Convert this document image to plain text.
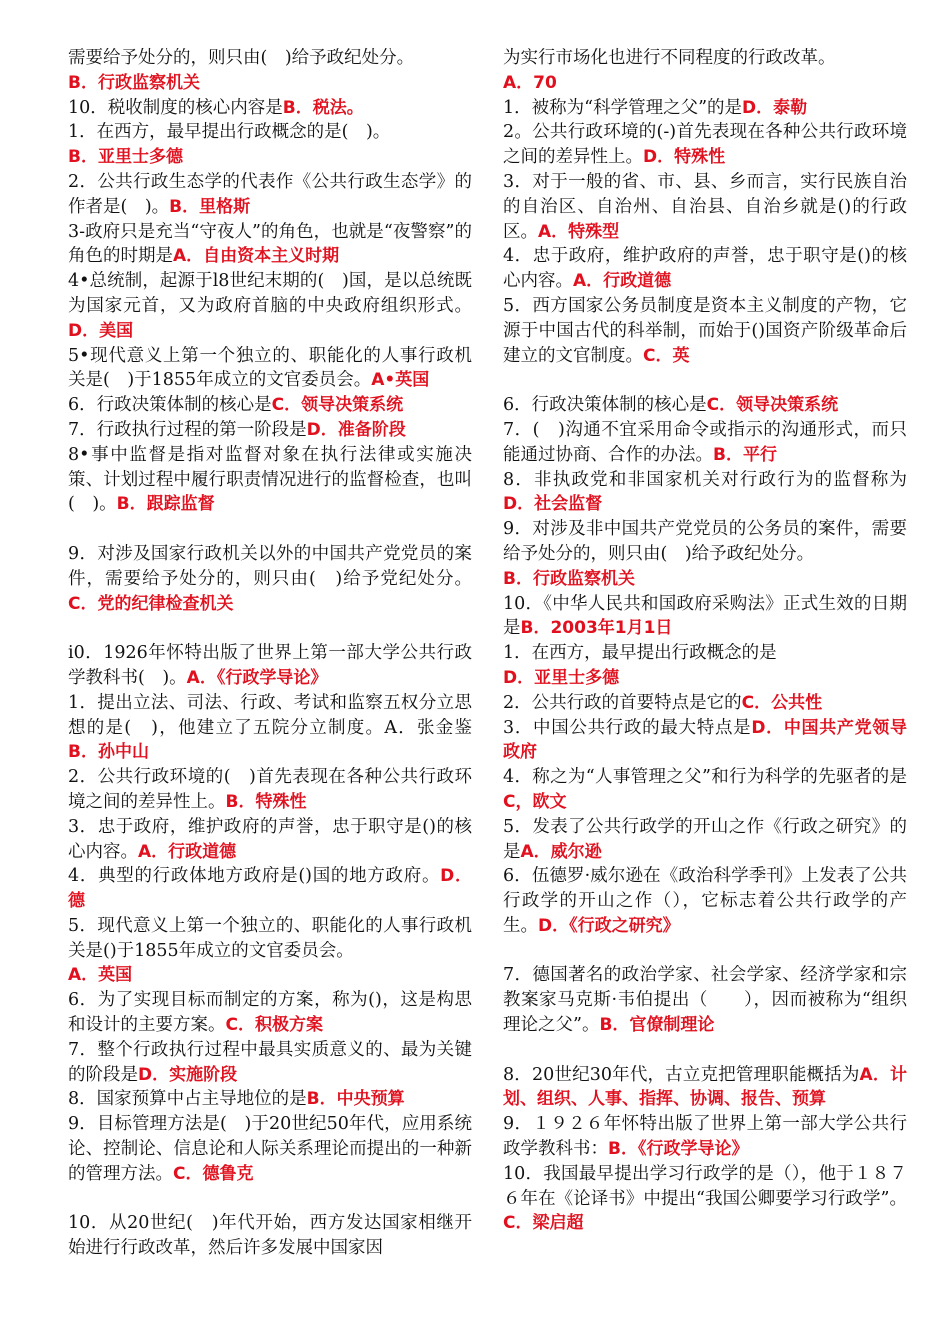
需要给予处分的，则只由(　)给予政纪处分。

B．行政监察机关

10．税收制度的核心内容是B．税法。

1．在西方，最早提出行政概念的是(　)。

B．亚里士多德

2．公共行政生态学的代表作《公共行政生态学》的作者是(　)。B．里格斯

3-政府只是充当“守夜人”的角色，也就是“夜警察”的角色的时期是A．自由资本主义时期

4•总统制，起源于l8世纪末期的(　)国，是以总统既为国家元首，又为政府首脑的中央政府组织形式。D．美国

5•现代意义上第一个独立的、职能化的人事行政机关是(　)于1855年成立的文官委员会。A•英国

6．行政决策体制的核心是C．领导决策系统

7．行政执行过程的第一阶段是D．准备阶段

8•事中监督是指对监督对象在执行法律或实施决策、计划过程中履行职责情况进行的监督检查，也叫(　)。B．跟踪监督

9．对涉及国家行政机关以外的中国共产党党员的案件，需要给予处分的，则只由(　)给予党纪处分。C．党的纪律检查机关

i0．1926年怀特出版了世界上第一部大学公共行政学教科书(　)。A．《行政学导论》

1．提出立法、司法、行政、考试和监察五权分立思想的是(　)，他建立了五院分立制度。A．张金鉴B．孙中山

2．公共行政环境的(　)首先表现在各种公共行政环境之间的差异性上。B．特殊性

3．忠于政府，维护政府的声誉，忠于职守是()的核心内容。A．行政道德

4．典型的行政体地方政府是()国的地方政府。D．德

5．现代意义上第一个独立的、职能化的人事行政机关是()于1855年成立的文官委员会。

A．英国

6．为了实现目标而制定的方案，称为()，这是构思和设计的主要方案。C．积极方案

7．整个行政执行过程中最具实质意义的、最为关键的阶段是D．实施阶段

8．国家预算中占主导地位的是B．中央预算

9．目标管理方法是(　)于20世纪50年代，应用系统论、控制论、信息论和人际关系理论而提出的一种新的管理方法。C．德鲁克

10．从20世纪(　)年代开始，西方发达国家相继开始进行行政改革，然后许多发展中国家因

为实行市场化也进行不同程度的行政改革。

A．70

1．被称为“科学管理之父”的是D．泰勒

2。公共行政环境的(-)首先表现在各种公共行政环境之间的差异性上。D．特殊性

3．对于一般的省、市、县、乡而言，实行民族自治的自治区、自治州、自治县、自治乡就是()的行政区。A．特殊型

4．忠于政府，维护政府的声誉，忠于职守是()的核心内容。A．行政道德

5．西方国家公务员制度是资本主义制度的产物，它源于中国古代的科举制，而始于()国资产阶级革命后建立的文官制度。C．英

6．行政决策体制的核心是C．领导决策系统

7．(　)沟通不宜采用命令或指示的沟通形式，而只能通过协商、合作的办法。B．平行

8．非执政党和非国家机关对行政行为的监督称为D．社会监督

9．对涉及非中国共产党党员的公务员的案件，需要给予处分的，则只由(　)给予政纪处分。

B．行政监察机关

10．《中华人民共和国政府采购法》正式生效的日期是B．2003年1月1日

1．在西方，最早提出行政概念的是

D．亚里士多德

2．公共行政的首要特点是它的C．公共性

3．中国公共行政的最大特点是D．中国共产党领导政府

4．称之为“人事管理之父”和行为科学的先驱者的是C，欧文

5．发表了公共行政学的开山之作《行政之研究》的是A．威尔逊

6．伍德罗·威尔逊在《政治科学季刊》上发表了公共行政学的开山之作（），它标志着公共行政学的产生。D．《行政之研究》

7．德国著名的政治学家、社会学家、经济学家和宗教案家马克斯·韦伯提出（　　），因而被称为“组织理论之父”。B．官僚制理论

8．20世纪30年代，古立克把管理职能概括为A．计划、组织、人事、指挥、协调、报告、预算

9．１９２６年怀特出版了世界上第一部大学公共行政学教科书：B．《行政学导论》

10．我国最早提出学习行政学的是（），他于１８７６年在《论译书》中提出“我国公卿要学习行政学”。C．梁启超
